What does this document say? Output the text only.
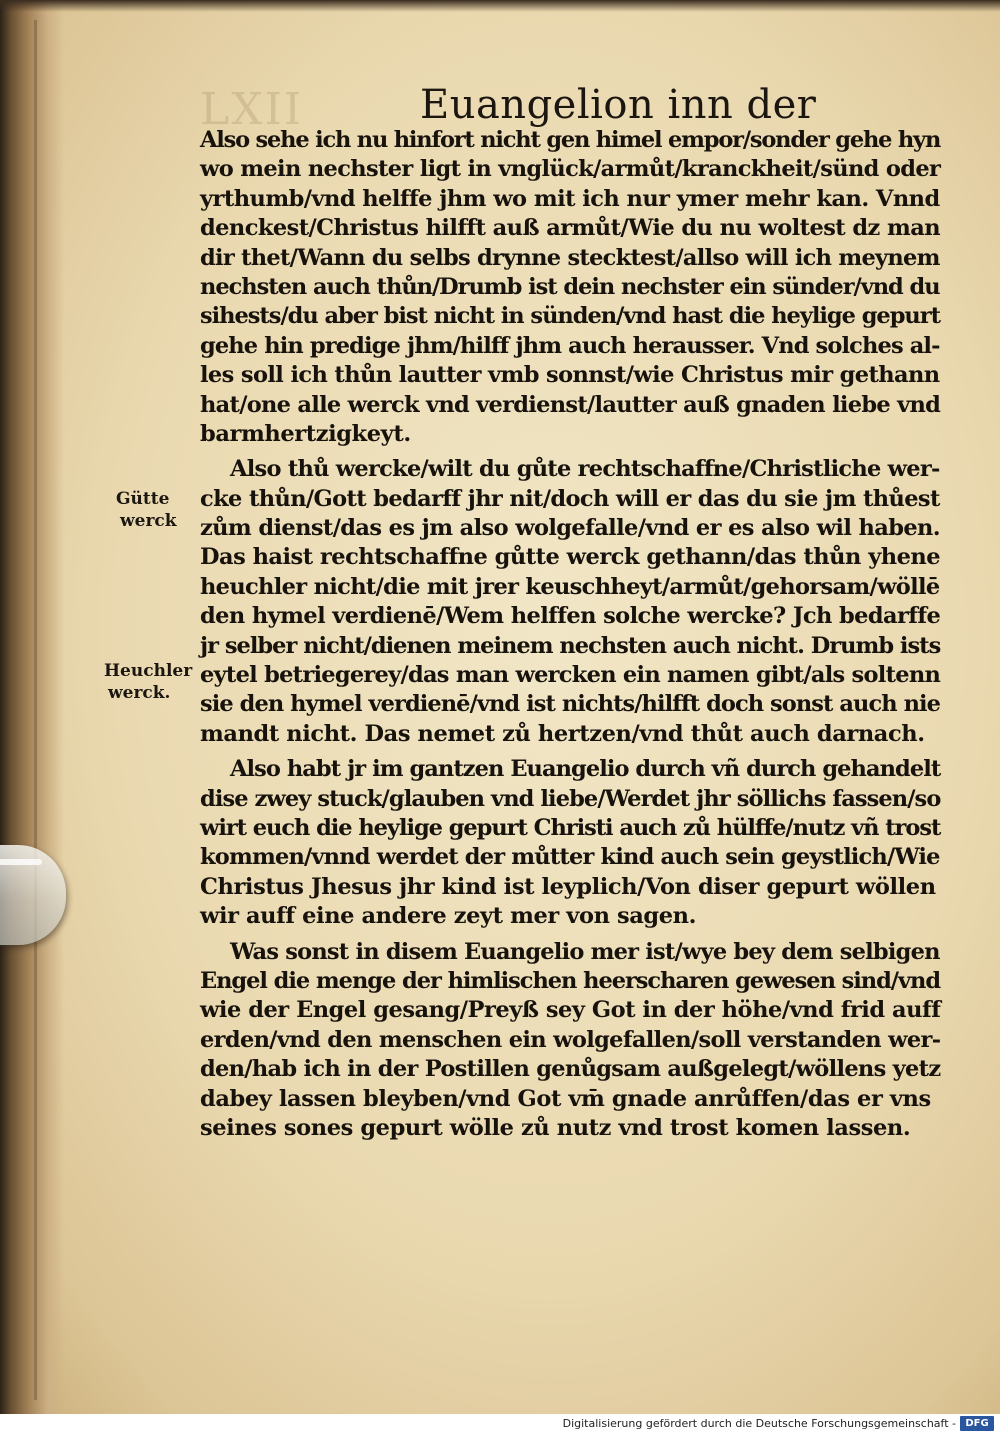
LXII	Euangelion inn der
Gütte
werck
Heuchler
werck.
Also sehe ich nu hinfort nicht gen himel empor/sonder gehe hyn
wo mein nechster ligt in vnglück/armůt/kranckheit/sünd oder
yrthumb/vnd helffe jhm wo mit ich nur ymer mehr kan. Vnnd
denckest/Christus hilfft auß armůt/Wie du nu woltest dz man
dir thet/Wann du selbs drynne stecktest/allso will ich meynem
nechsten auch thůn/Drumb ist dein nechster ein sünder/vnd du
sihests/du aber bist nicht in sünden/vnd hast die heylige gepurt
gehe hin predige jhm/hilff jhm auch herausser. Vnd solches al-
les soll ich thůn lautter vmb sonnst/wie Christus mir gethann
hat/one alle werck vnd verdienst/lautter auß gnaden liebe vnd
barmhertzigkeyt.
Also thů wercke/wilt du gůte rechtschaffne/Christliche wer-
cke thůn/Gott bedarff jhr nit/doch will er das du sie jm thůest
zům dienst/das es jm also wolgefalle/vnd er es also wil haben.
Das haist rechtschaffne gůtte werck gethann/das thůn yhene
heuchler nicht/die mit jrer keuschheyt/armůt/gehorsam/wöllē
den hymel verdienē/Wem helffen solche wercke? Jch bedarffe
jr selber nicht/dienen meinem nechsten auch nicht. Drumb ists
eytel betriegerey/das man wercken ein namen gibt/als soltenn
sie den hymel verdienē/vnd ist nichts/hilfft doch sonst auch nie
mandt nicht. Das nemet zů hertzen/vnd thůt auch darnach.
Also habt jr im gantzen Euangelio durch vñ durch gehandelt
dise zwey stuck/glauben vnd liebe/Werdet jhr söllichs fassen/so
wirt euch die heylige gepurt Christi auch zů hülffe/nutz vñ trost
kommen/vnnd werdet der můtter kind auch sein geystlich/Wie
Christus Jhesus jhr kind ist leyplich/Von diser gepurt wöllen
wir auff eine andere zeyt mer von sagen.
Was sonst in disem Euangelio mer ist/wye bey dem selbigen
Engel die menge der himlischen heerscharen gewesen sind/vnd
wie der Engel gesang/Preyß sey Got in der höhe/vnd frid auff
erden/vnd den menschen ein wolgefallen/soll verstanden wer-
den/hab ich in der Postillen genůgsam außgelegt/wöllens yetz
dabey lassen bleyben/vnd Got vm̄ gnade anrůffen/das er vns
seines sones gepurt wölle zů nutz vnd trost komen lassen.
Digitalisierung gefördert durch die Deutsche Forschungsgemeinschaft - DFG
